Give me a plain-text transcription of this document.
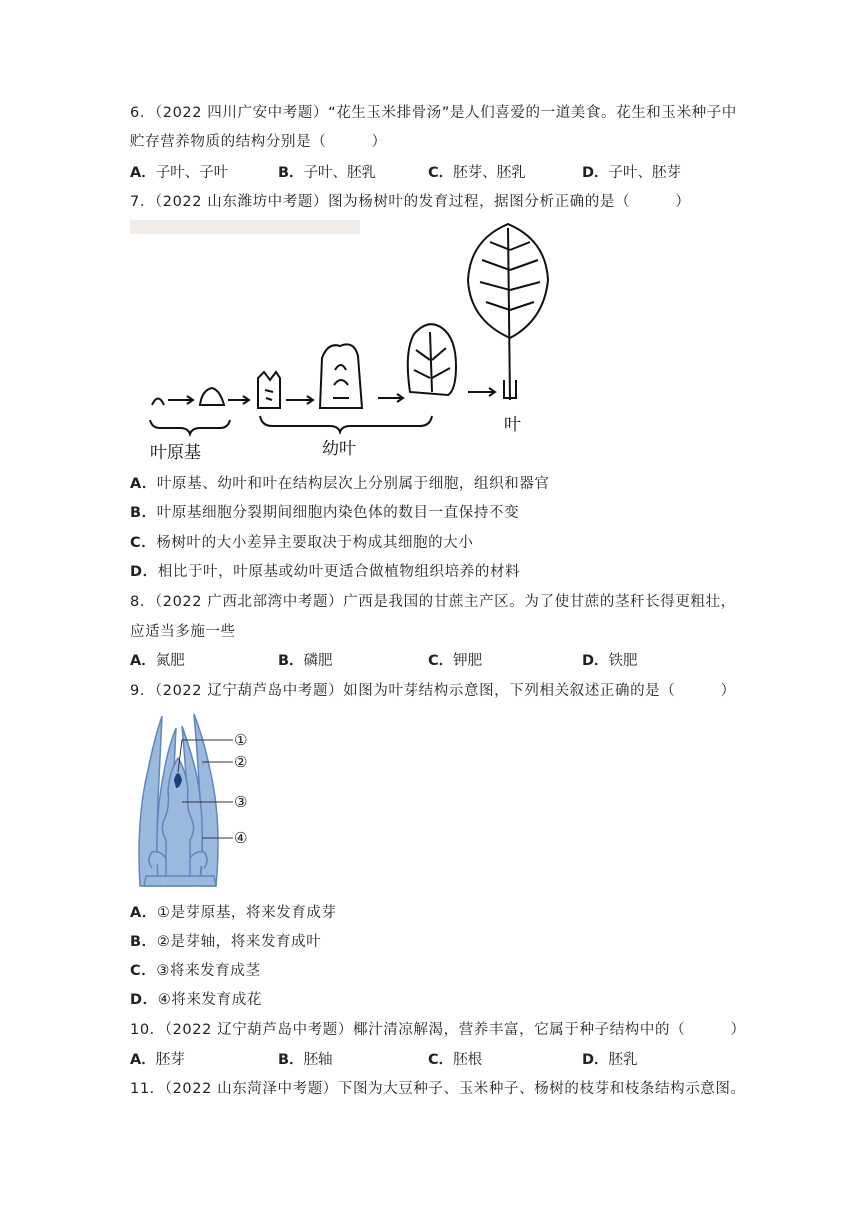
6．（2022 四川广安中考题）“花生玉米排骨汤”是人们喜爱的一道美食。花生和玉米种子中
贮存营养物质的结构分别是（　　　）
A．子叶、子叶	B．子叶、胚乳	C．胚芽、胚乳	D．子叶、胚芽
7．（2022 山东潍坊中考题）图为杨树叶的发育过程，据图分析正确的是（　　　）
叶原基	幼叶
叶
A．叶原基、幼叶和叶在结构层次上分别属于细胞，组织和器官
B．叶原基细胞分裂期间细胞内染色体的数目一直保持不变
C．杨树叶的大小差异主要取决于构成其细胞的大小
D．相比于叶，叶原基或幼叶更适合做植物组织培养的材料
8．（2022 广西北部湾中考题）广西是我国的甘蔗主产区。为了使甘蔗的茎秆长得更粗壮，
应适当多施一些
A．氮肥	B．磷肥	C．钾肥	D．铁肥
9．（2022 辽宁葫芦岛中考题）如图为叶芽结构示意图，下列相关叙述正确的是（　　　）
①
②
③
④
A．①是芽原基，将来发育成芽
B．②是芽轴，将来发育成叶
C．③将来发育成茎
D．④将来发育成花
10．（2022 辽宁葫芦岛中考题）椰汁清凉解渴，营养丰富，它属于种子结构中的（　　　）
A．胚芽	B．胚轴	C．胚根	D．胚乳
11．（2022 山东菏泽中考题）下图为大豆种子、玉米种子、杨树的枝芽和枝条结构示意图。
